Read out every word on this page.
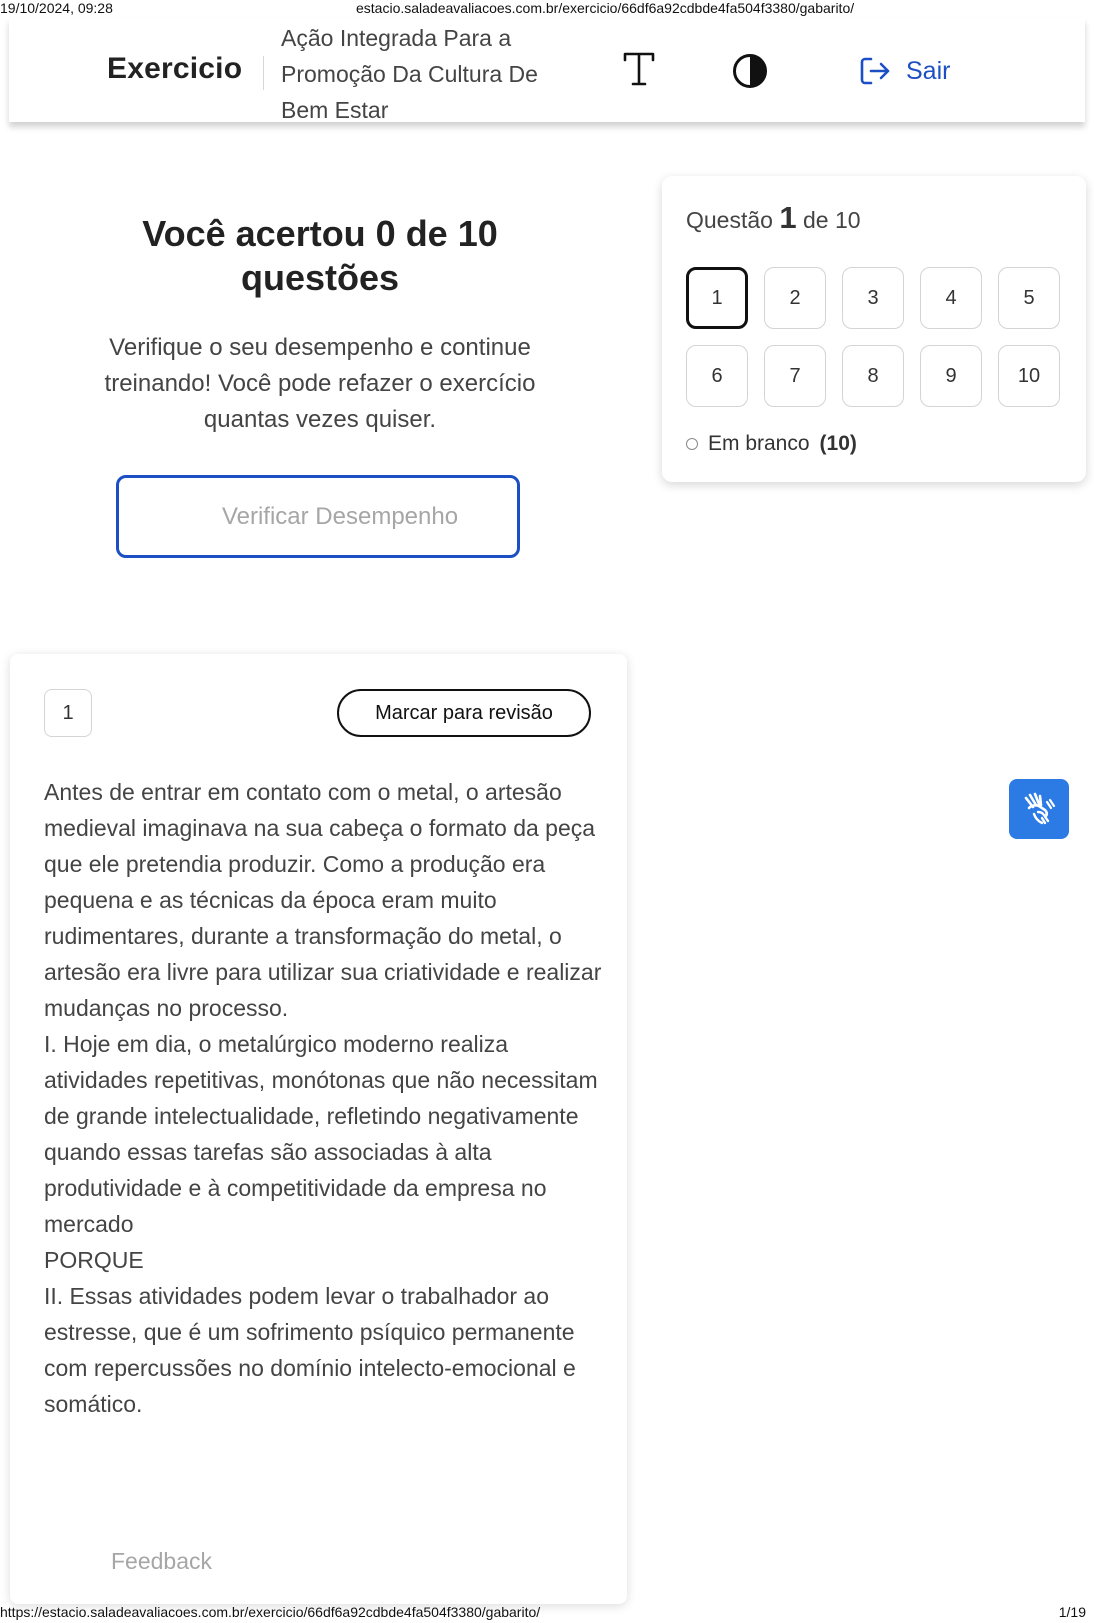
19/10/2024, 09:28	estacio.saladeavaliacoes.com.br/exercicio/66df6a92cdbde4fa504f3380/gabarito/
Exercicio
Ação Integrada Para a Promoção Da Cultura De Bem Estar
Sair
Você acertou 0 de 10 questões

Verifique o seu desempenho e continue treinando! Você pode refazer o exercício quantas vezes quiser.

Verificar Desempenho
Questão 1 de 10
1	2	3	4	5
6	7	8	9	10
Em branco (10)
1	Marcar para revisão

Antes de entrar em contato com o metal, o artesão medieval imaginava na sua cabeça o formato da peça que ele pretendia produzir. Como a produção era pequena e as técnicas da época eram muito rudimentares, durante a transformação do metal, o artesão era livre para utilizar sua criatividade e realizar mudanças no processo.

I. Hoje em dia, o metalúrgico moderno realiza atividades repetitivas, monótonas que não necessitam de grande intelectualidade, refletindo negativamente quando essas tarefas são associadas à alta produtividade e à competitividade da empresa no mercado

PORQUE

II. Essas atividades podem levar o trabalhador ao estresse, que é um sofrimento psíquico permanente com repercussões no domínio intelecto-emocional e somático.

Feedback
https://estacio.saladeavaliacoes.com.br/exercicio/66df6a92cdbde4fa504f3380/gabarito/	1/19
